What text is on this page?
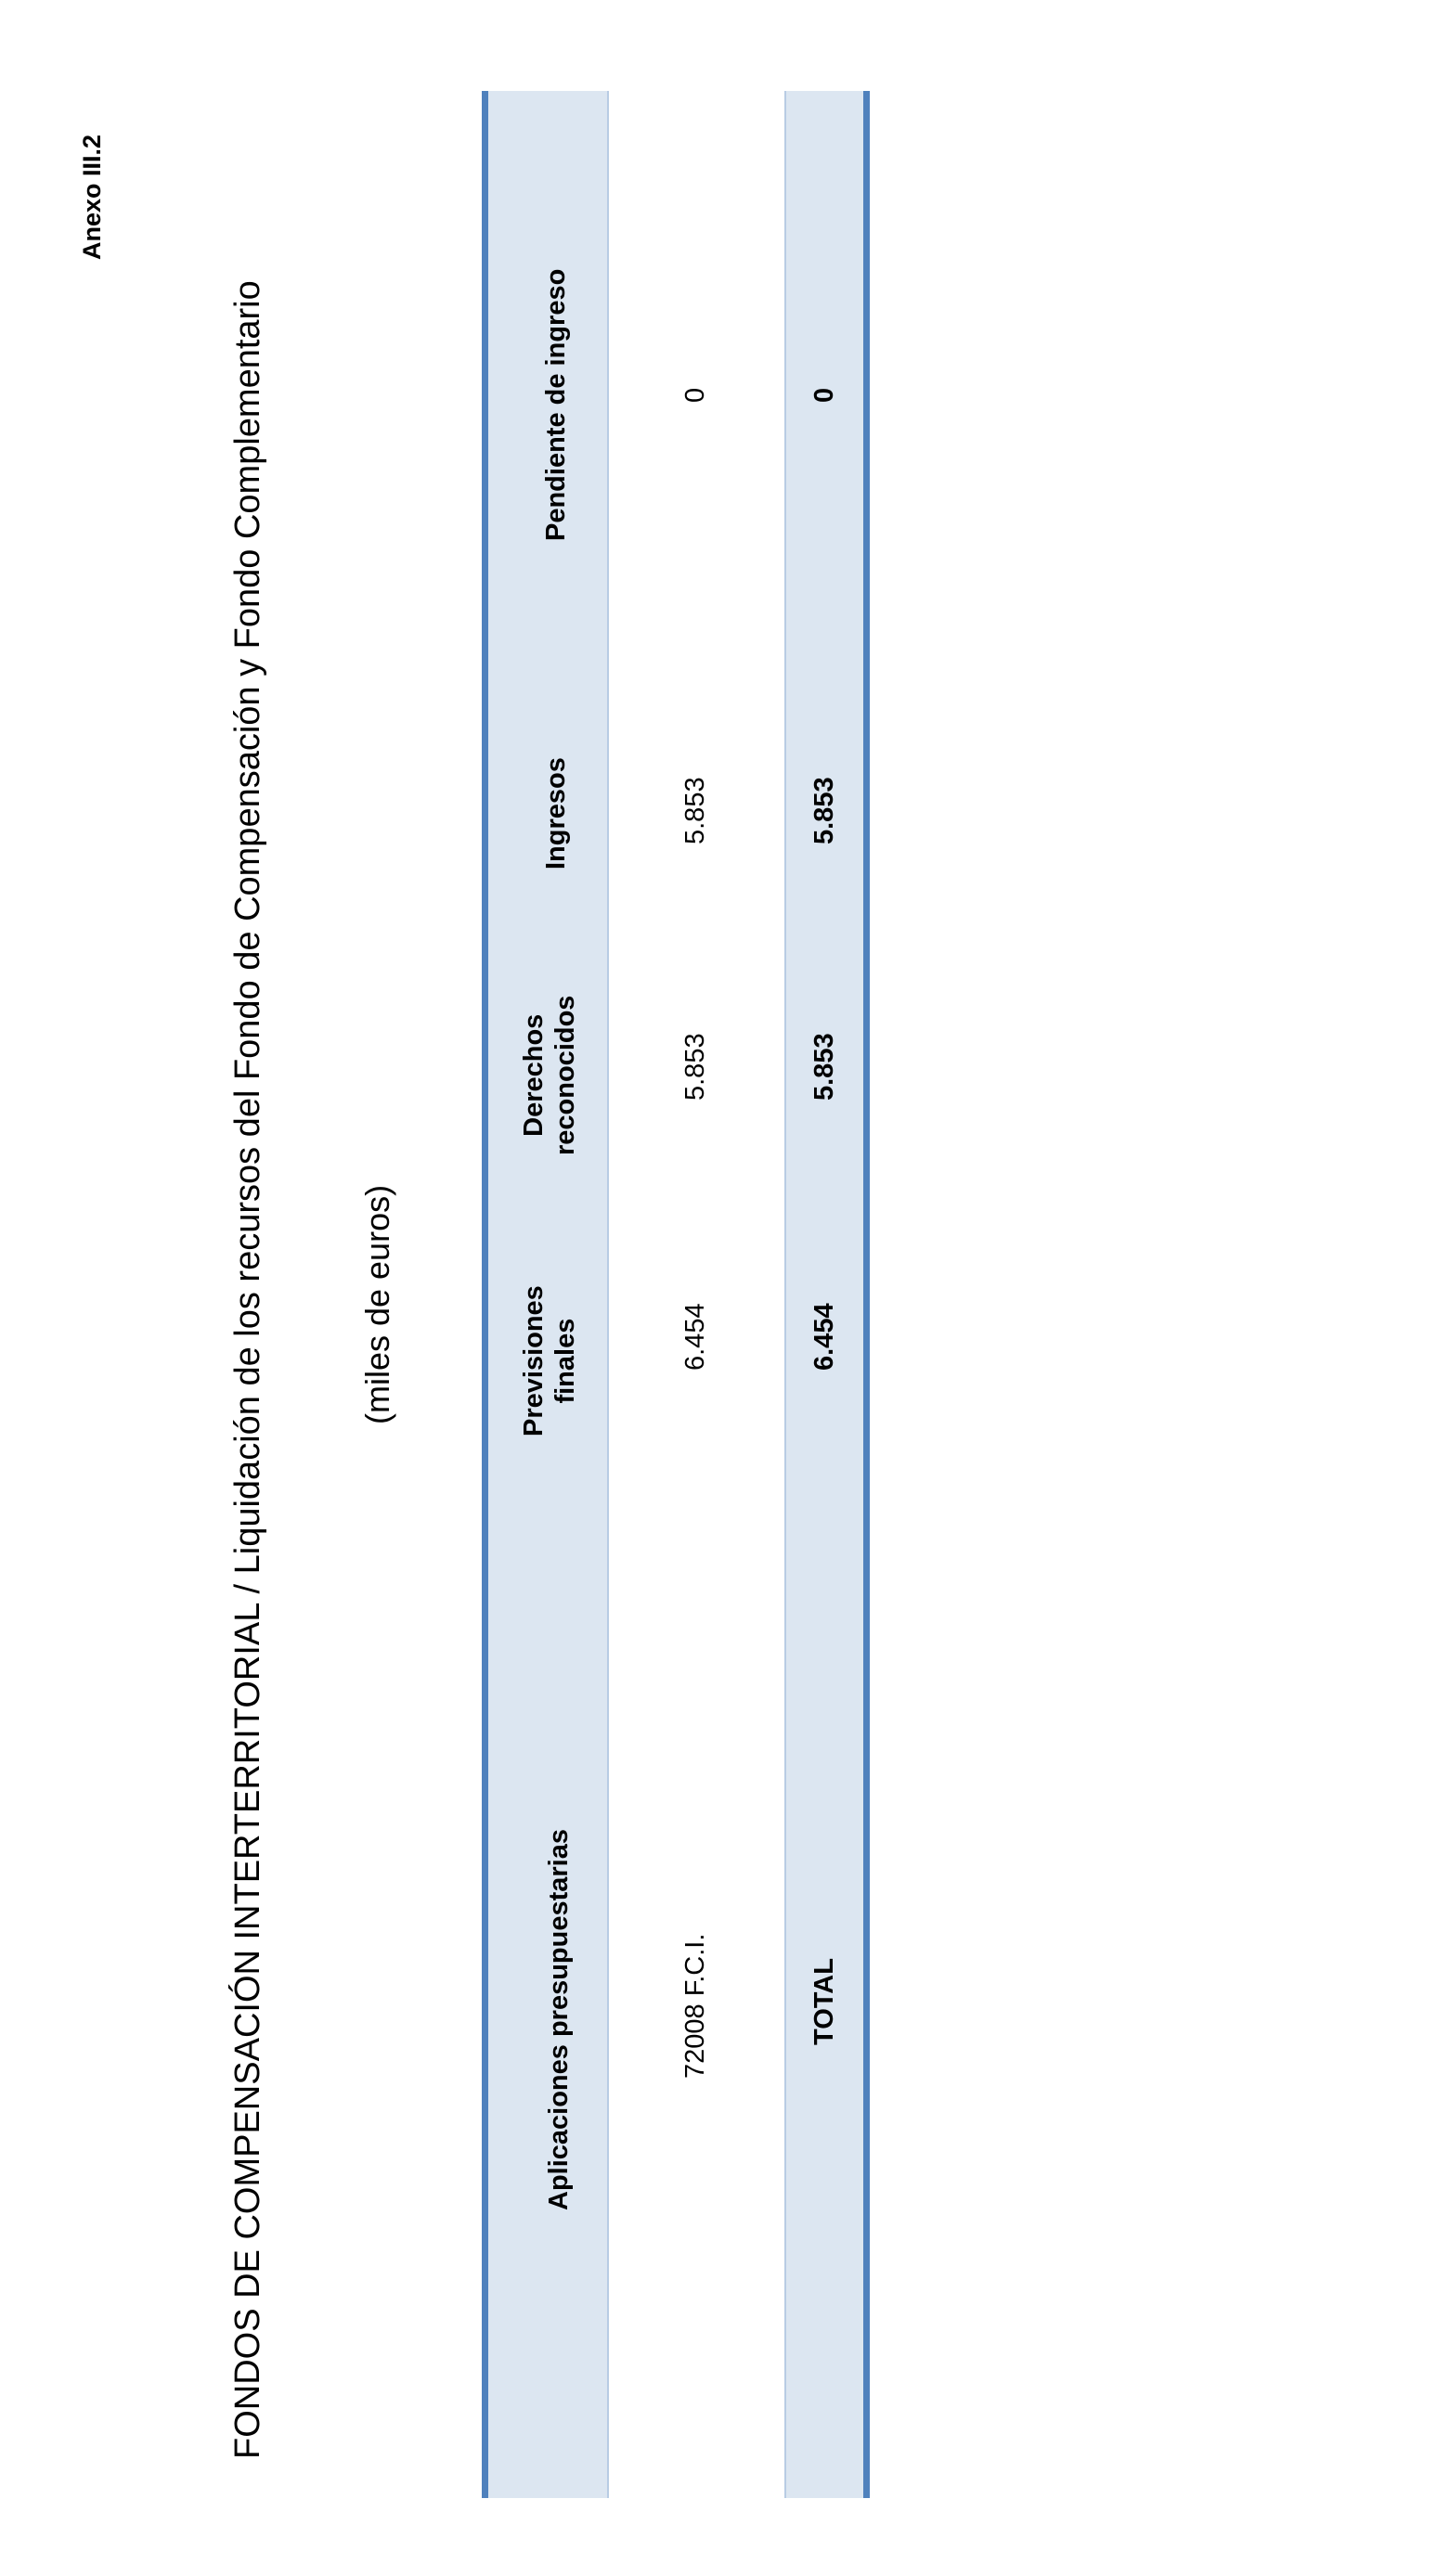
Anexo III.2
FONDOS DE COMPENSACIÓN INTERTERRITORIAL / Liquidación de los recursos del Fondo de Compensación y Fondo Complementario	(miles de euros)
Aplicaciones presupuestarias
Previsiones
finales
Derechos
reconocidos
Ingresos
Pendiente de ingreso
72008 F.C.I.
6.454
5.853
5.853
0
TOTAL
6.454
5.853
5.853
0
